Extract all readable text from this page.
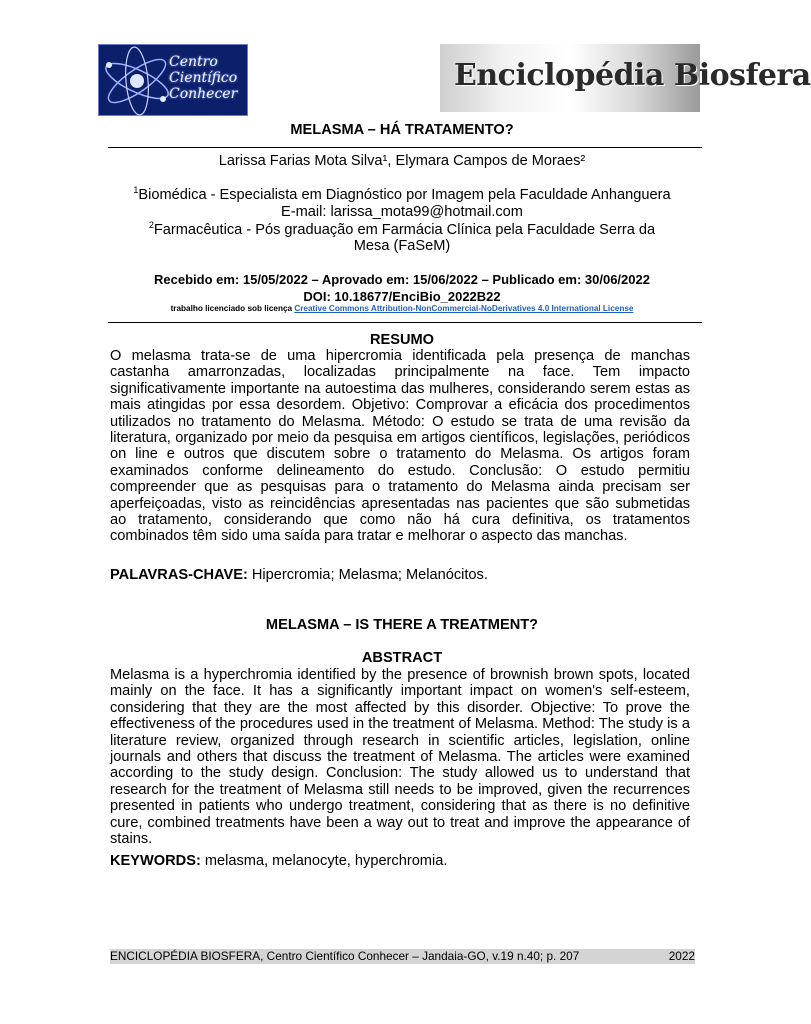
Centro
Científico
Conhecer
Enciclopédia Biosfera
MELASMA – HÁ TRATAMENTO?
Larissa Farias Mota Silva¹, Elymara Campos de Moraes²
$^1$Biomédica - Especialista em Diagnóstico por Imagem pela Faculdade Anhanguera
E-mail: larissa_mota99@hotmail.com
$^2$Farmacêutica - Pós graduação em Farmácia Clínica pela Faculdade Serra da
Mesa (FaSeM)
Recebido em: 15/05/2022 – Aprovado em: 15/06/2022 – Publicado em: 30/06/2022
DOI: 10.18677/EnciBio_2022B22
trabalho licenciado sob licença Creative Commons Attribution-NonCommercial-NoDerivatives 4.0 International License
RESUMO
O melasma trata-se de uma hipercromia identificada pela presença de manchas castanha amarronzadas, localizadas principalmente na face. Tem impacto significativamente importante na autoestima das mulheres, considerando serem estas as mais atingidas por essa desordem. Objetivo: Comprovar a eficácia dos procedimentos utilizados no tratamento do Melasma. Método: O estudo se trata de uma revisão da literatura, organizado por meio da pesquisa em artigos científicos, legislações, periódicos on line e outros que discutem sobre o tratamento do Melasma. Os artigos foram examinados conforme delineamento do estudo. Conclusão: O estudo permitiu compreender que as pesquisas para o tratamento do Melasma ainda precisam ser aperfeiçoadas, visto as reincidências apresentadas nas pacientes que são submetidas ao tratamento, considerando que como não há cura definitiva, os tratamentos combinados têm sido uma saída para tratar e melhorar o aspecto das manchas.
PALAVRAS-CHAVE: Hipercromia; Melasma; Melanócitos.
MELASMA – IS THERE A TREATMENT?
ABSTRACT
Melasma is a hyperchromia identified by the presence of brownish brown spots, located mainly on the face. It has a significantly important impact on women's self-esteem, considering that they are the most affected by this disorder. Objective: To prove the effectiveness of the procedures used in the treatment of Melasma. Method: The study is a literature review, organized through research in scientific articles, legislation, online journals and others that discuss the treatment of Melasma. The articles were examined according to the study design. Conclusion: The study allowed us to understand that research for the treatment of Melasma still needs to be improved, given the recurrences presented in patients who undergo treatment, considering that as there is no definitive cure, combined treatments have been a way out to treat and improve the appearance of stains.
KEYWORDS: melasma, melanocyte, hyperchromia.
ENCICLOPÉDIA BIOSFERA, Centro Científico Conhecer – Jandaia-GO, v.19 n.40; p. 207	2022
